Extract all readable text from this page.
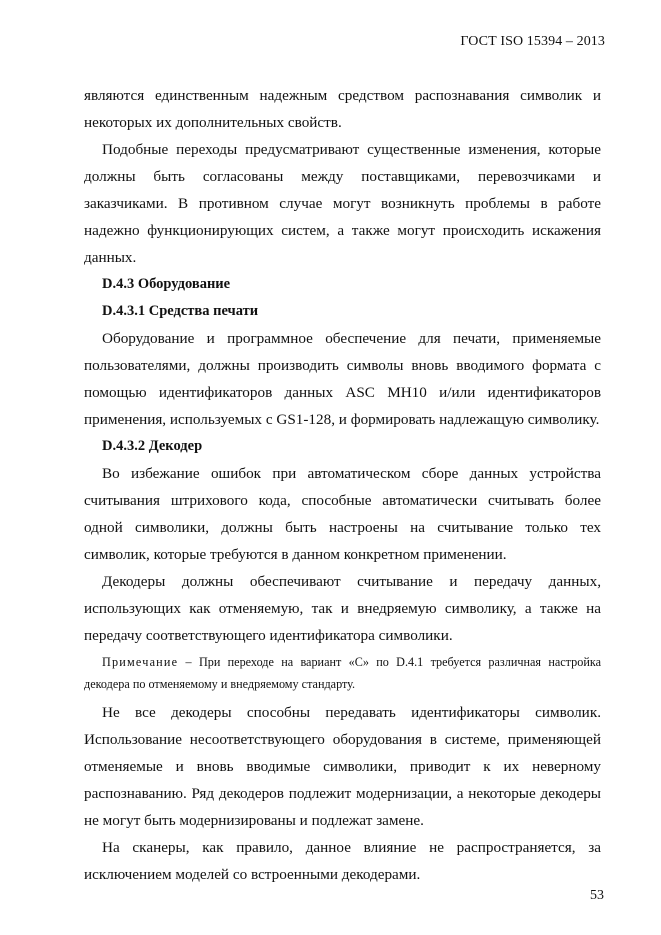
ГОСТ ISO 15394 – 2013

являются единственным надежным средством распознавания символик и некоторых их дополнительных свойств.

Подобные переходы предусматривают существенные изменения, которые должны быть согласованы между поставщиками, перевозчиками и заказчиками. В противном случае могут возникнуть проблемы в работе надежно функционирующих систем, а также могут происходить искажения данных.

D.4.3 Оборудование

D.4.3.1 Средства печати

Оборудование и программное обеспечение для печати, применяемые пользователями, должны производить символы вновь вводимого формата с помощью идентификаторов данных ASC MH10 и/или идентификаторов применения, используемых с GS1-128, и формировать надлежащую символику.

D.4.3.2 Декодер

Во избежание ошибок при автоматическом сборе данных устройства считывания штрихового кода, способные автоматически считывать более одной символики, должны быть настроены на считывание только тех символик, которые требуются в данном конкретном применении.

Декодеры должны обеспечивают считывание и передачу данных, использующих как отменяемую, так и внедряемую символику, а также на передачу соответствующего идентификатора символики.

Примечание – При переходе на вариант «С» по D.4.1 требуется различная настройка декодера по отменяемому и внедряемому стандарту.

Не все декодеры способны передавать идентификаторы символик. Использование несоответствующего оборудования в системе, применяющей отменяемые и вновь вводимые символики, приводит к их неверному распознаванию. Ряд декодеров подлежит модернизации, а некоторые декодеры не могут быть модернизированы и подлежат замене.

На сканеры, как правило, данное влияние не распространяется, за исключением моделей со встроенными декодерами.

53
